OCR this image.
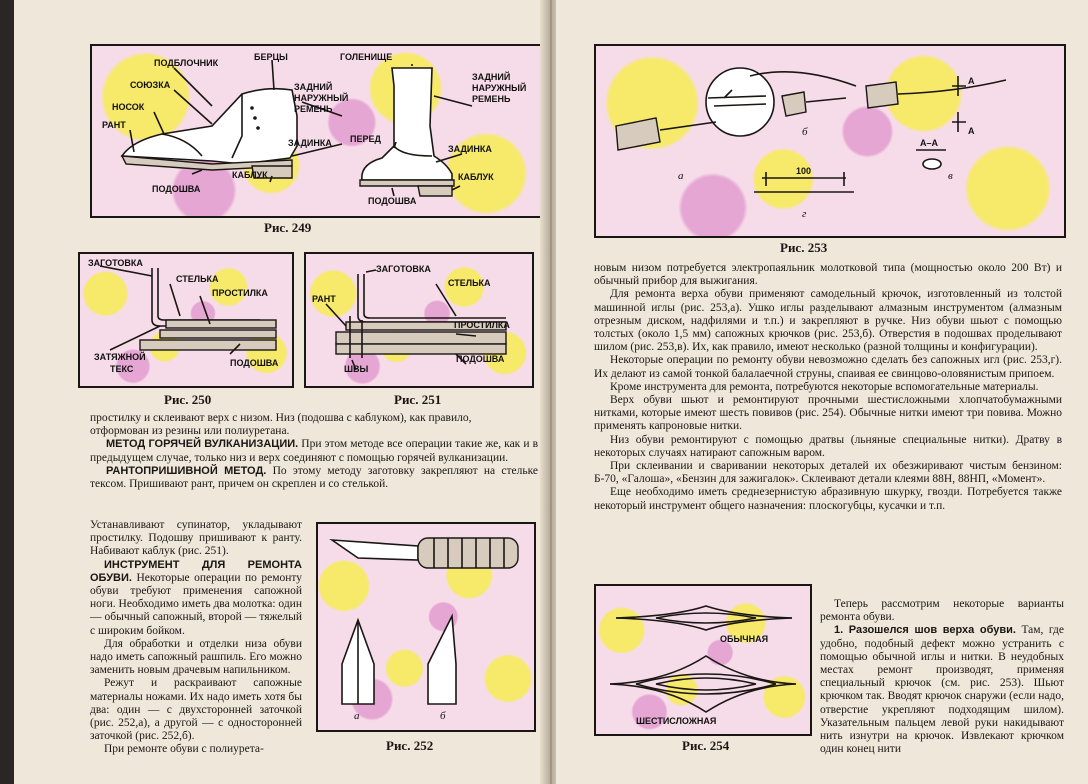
ПОДБЛОЧНИК
БЕРЦЫ
СОЮЗКА
НОСОК
РАНТ
ЗАДНИЙ
НАРУЖНЫЙ
РЕМЕНЬ
ЗАДИНКА
ПОДОШВА
КАБЛУК
ГОЛЕНИЩЕ
ЗАДНИЙ
НАРУЖНЫЙ
РЕМЕНЬ
ПЕРЕД
ЗАДИНКА
КАБЛУК
ПОДОШВА
Рис. 249
ЗАГОТОВКА
СТЕЛЬКА
ПРОСТИЛКА
ЗАТЯЖНОЙ
ТЕКС
ПОДОШВА
Рис. 250
ЗАГОТОВКА
СТЕЛЬКА
РАНТ
ПРОСТИЛКА
ШВЫ
ПОДОШВА
Рис. 251

простилку и склеивают верх с низом. Низ (подошва с каблуком), как правило,
отформован из резины или полиуретана.

МЕТОД ГОРЯЧЕЙ ВУЛКАНИЗАЦИИ. При этом методе все операции такие же, как и в предыдущем случае, только низ и верх соединяют с помощью горячей вулканизации.

РАНТОПРИШИВНОЙ МЕТОД. По этому методу заготовку закрепляют на стельке тексом. Пришивают рант, причем он скреплен и со стелькой.

Устанавливают супинатор, укладывают простилку. Подошву пришивают к ранту. Набивают каблук (рис. 251).

ИНСТРУМЕНТ ДЛЯ РЕМОНТА ОБУВИ. Некоторые операции по ремонту обуви требуют применения сапожной ноги. Необходимо иметь два молотка: один — обычный сапожный, второй — тяжелый с широким бойком.

Для обработки и отделки низа обуви надо иметь сапожный рашпиль. Его можно заменить новым драчевым напильником.

Режут и раскраивают сапожные материалы ножами. Их надо иметь хотя бы два: один — с двухсторонней заточкой (рис. 252,а), а другой — с односторонней заточкой (рис. 252,б).

При ремонте обуви с полиурета-

а	б
Рис. 252
а
б
в
г
А–А
А
А
100
Рис. 253

новым низом потребуется электропаяльник молотковой типа (мощностью около 200 Вт) и обычный прибор для выжигания.

Для ремонта верха обуви применяют самодельный крючок, изготовленный из толстой машинной иглы (рис. 253,а). Ушко иглы разделывают алмазным инструментом (алмазным отрезным диском, надфилями и т.п.) и закрепляют в ручке. Низ обуви шьют с помощью толстых (около 1,5 мм) сапожных крючков (рис. 253,б). Отверстия в подошвах проделывают шилом (рис. 253,в). Их, как правило, имеют несколько (разной толщины и конфигурации).

Некоторые операции по ремонту обуви невозможно сделать без сапожных игл (рис. 253,г). Их делают из самой тонкой балалаечной струны, спаивая ее свинцово-оловянистым припоем.

Кроме инструмента для ремонта, потребуются некоторые вспомогательные материалы.

Верх обуви шьют и ремонтируют прочными шестисложными хлопчатобумажными нитками, которые имеют шесть повивов (рис. 254). Обычные нитки имеют три повива. Можно применять капроновые нитки.

Низ обуви ремонтируют с помощью дратвы (льняные специальные нитки). Дратву в некоторых случаях натирают сапожным варом.

При склеивании и сваривании некоторых деталей их обезжиривают чистым бензином: Б-70, «Галоша», «Бензин для зажигалок». Склеивают детали клеями 88Н, 88НП, «Момент».

Еще необходимо иметь среднезернистую абразивную шкурку, гвозди. Потребуется также некоторый инструмент общего назначения: плоскогубцы, кусачки и т.п.

ОБЫЧНАЯ
ШЕСТИСЛОЖНАЯ
Рис. 254

Теперь рассмотрим некоторые варианты ремонта обуви.

1. Разошелся шов верха обуви. Там, где удобно, подобный дефект можно устранить с помощью обычной иглы и нитки. В неудобных местах ремонт производят, применяя специальный крючок (см. рис. 253). Шьют крючком так. Вводят крючок снаружи (если надо, отверстие укрепляют подходящим шилом). Указательным пальцем левой руки накидывают нить изнутри на крючок. Извлекают крючком один конец нити
